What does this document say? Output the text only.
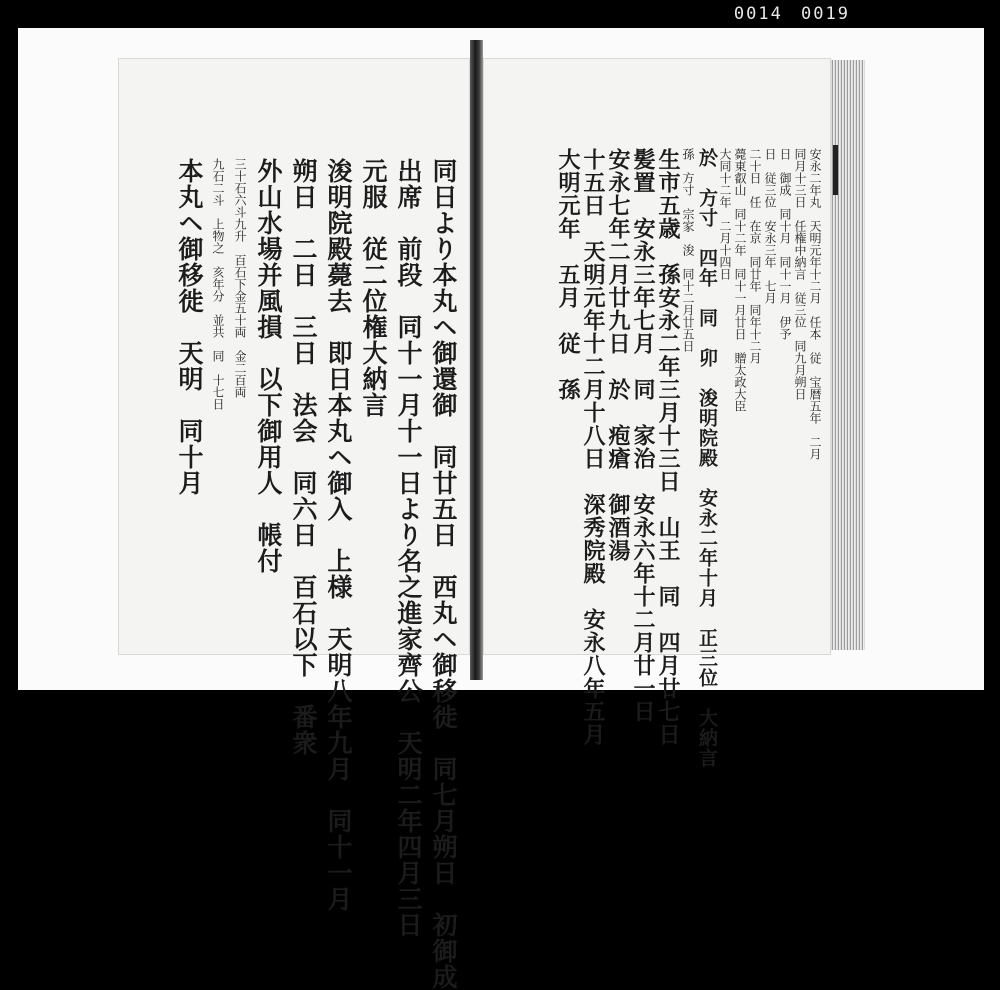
0014 0019
同日より本丸ヘ御還御　同廿五日　西丸ヘ御移徙　同七月朔日　初御成
出席　前段　同十一月十一日より名之進家齊公　天明二年四月三日
元服　従二位権大納言
浚明院殿薨去　即日本丸ヘ御入　上様　天明八年九月　同十一月
朔日　二日　三日　法会　同六日　百石以下　番衆
外山水場并風損　以下御用人　帳付
三十石六斗九升　百石下金五十両　金二百両
九石二斗　上物之　亥年分　並共　同　十七日
本丸ヘ御移徙　天明　同十月	安永二年丸　天明元年十二月　任本　従　宝暦五年　二月
同月十三日　任権中納言　従三位　同九月朔日
日　御成　同十月　同十一月　伊予
日　従三位　安永三年　七月
二十日　任　在京　同廿年　同年十二月
薨東叡山　同十二年　同十一月廿日　贈太政大臣
大同十二年　二月十四日
於　方寸　四年　同　卯　浚明院殿　安永二年十月　正三位　大納言
孫　方寸　宗家　浚　同十二月廿五日
生市五歳　孫安永二年三月十三日　山王　同　四月廿七日
髪置　安永三年七月　同　家治　安永六年十二月廿一日
安永七年二月廿九日　於　疱瘡　御酒湯
十五日　天明元年十二月十八日　深秀院殿　安永八年五月
大明元年　五月　従　孫
